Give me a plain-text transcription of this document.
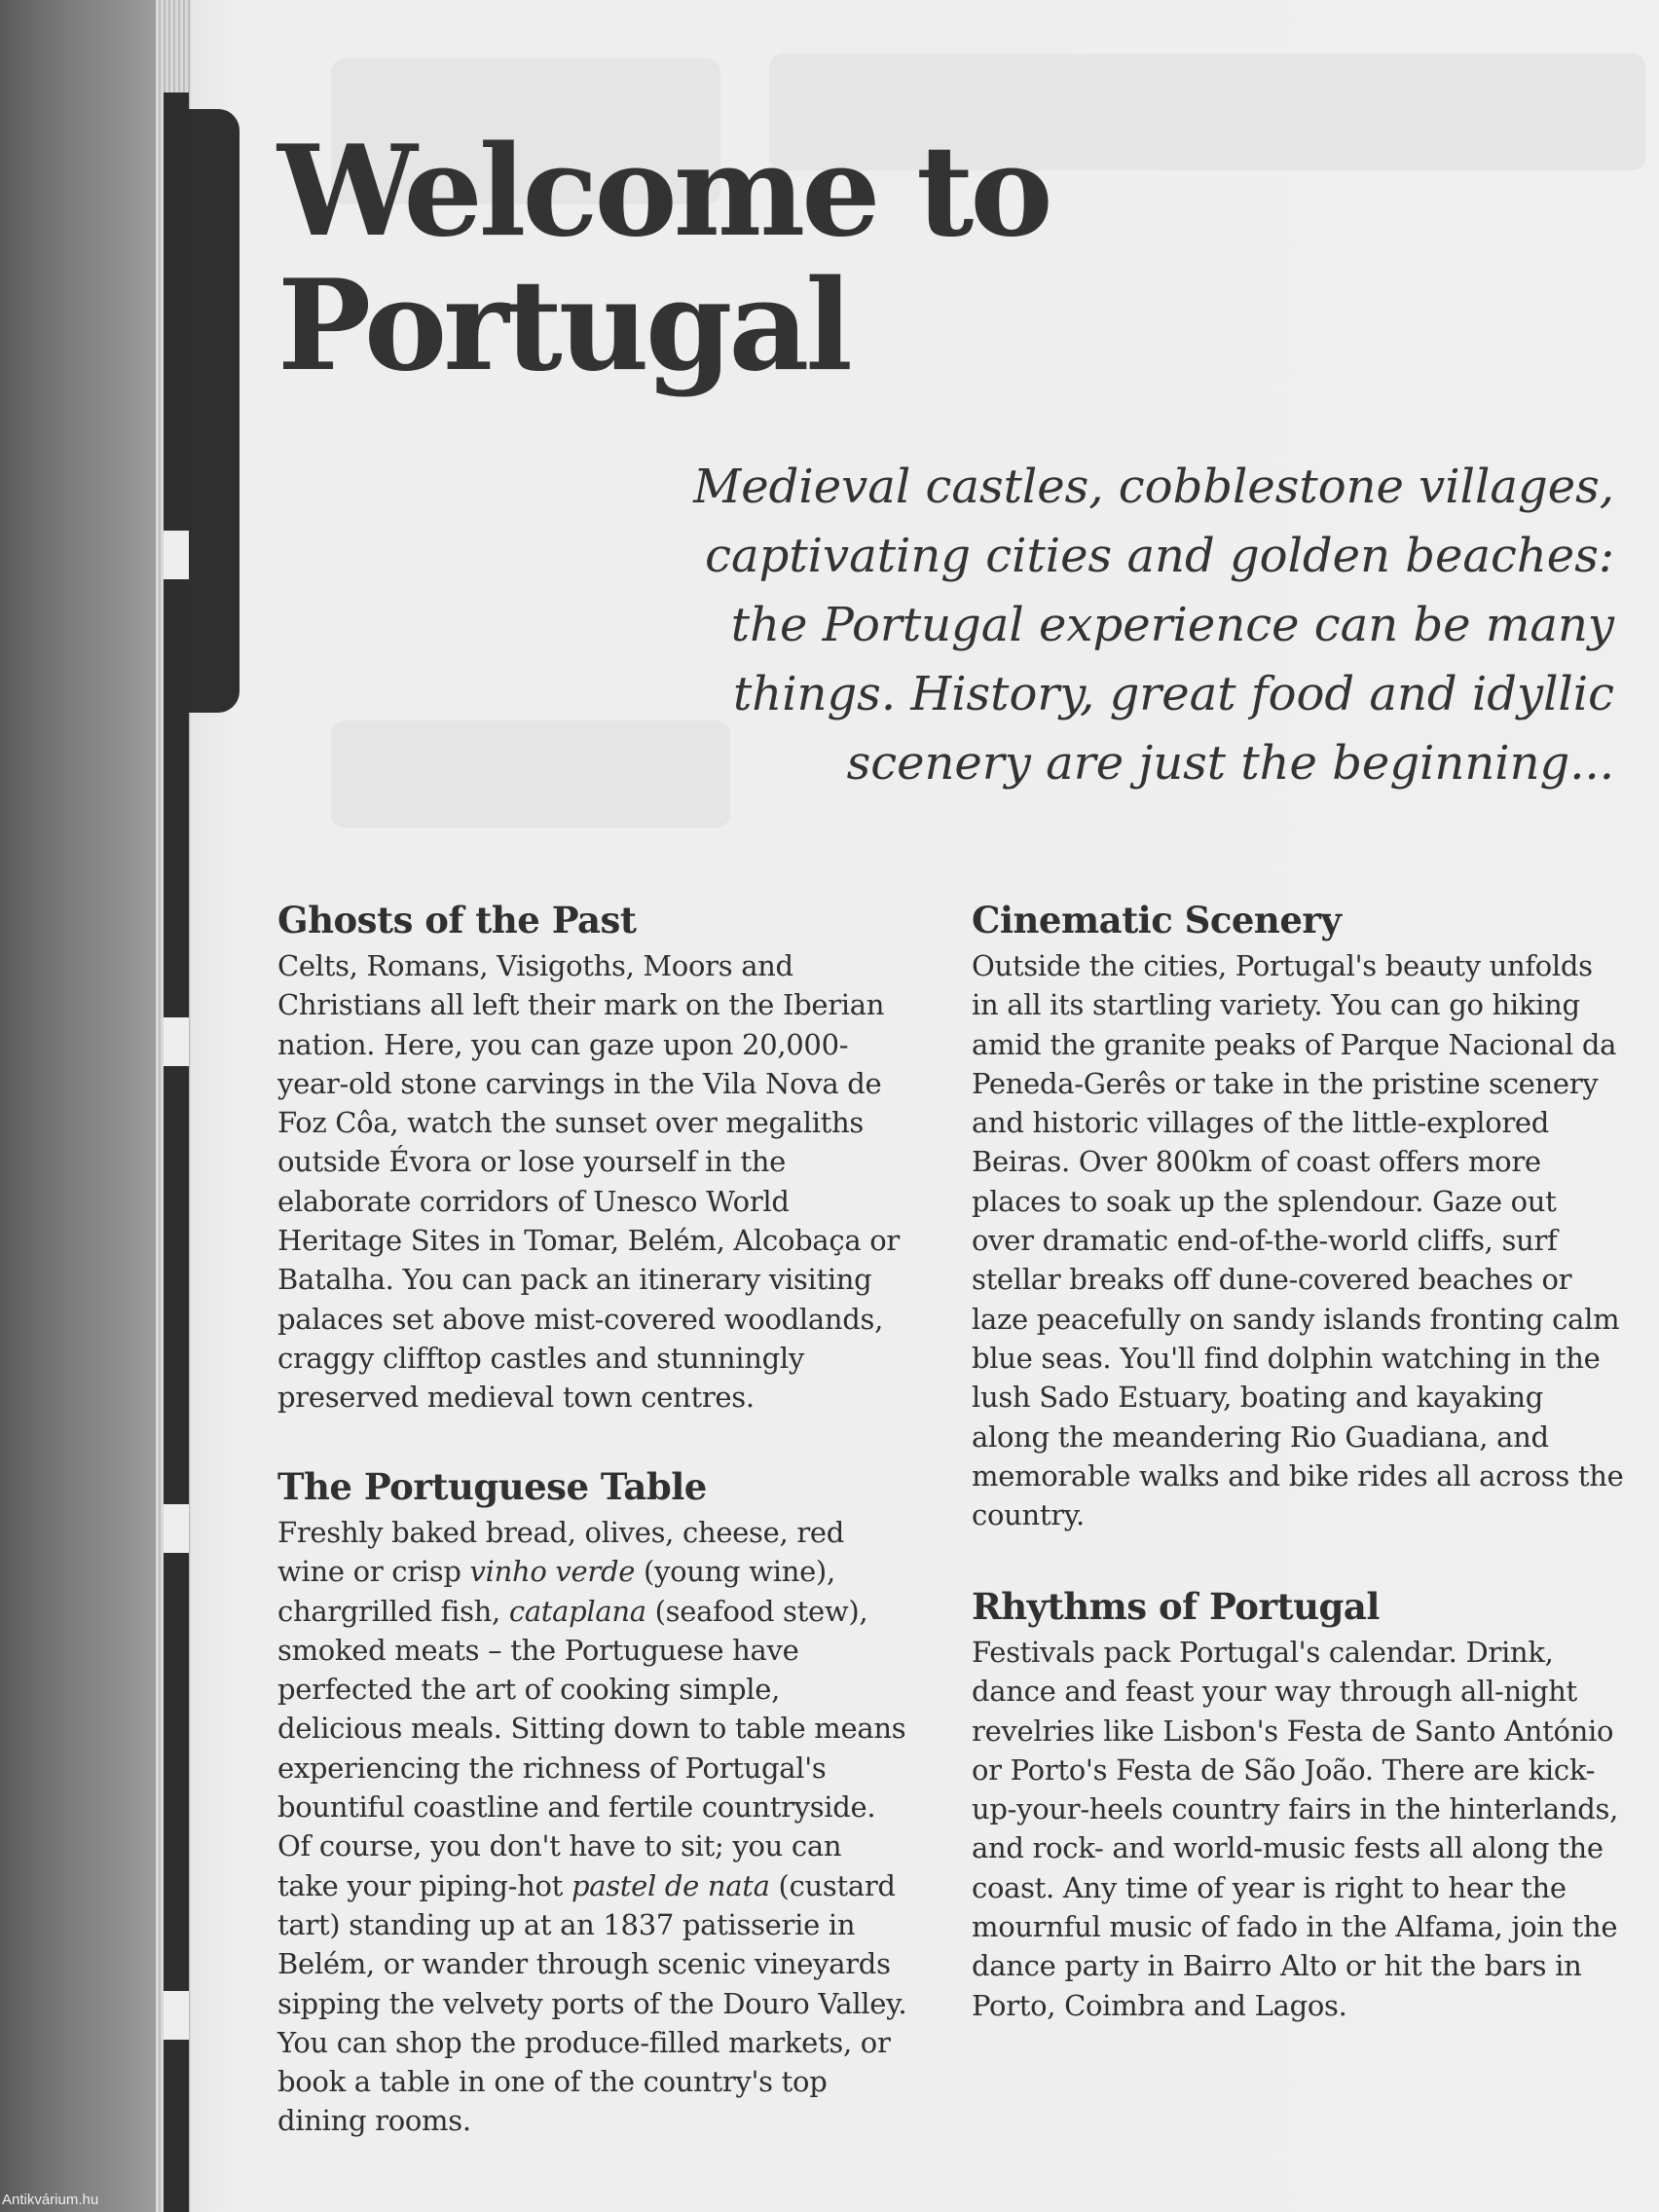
Welcome to
Portugal

Medieval castles, cobblestone villages, captivating cities and golden beaches: the Portugal experience can be many things. History, great food and idyllic scenery are just the beginning...

Ghosts of the Past

Celts, Romans, Visigoths, Moors and Christians all left their mark on the Iberian nation. Here, you can gaze upon 20,000-year-old stone carvings in the Vila Nova de Foz Côa, watch the sunset over megaliths outside Évora or lose yourself in the elaborate corridors of Unesco World Heritage Sites in Tomar, Belém, Alcobaça or Batalha. You can pack an itinerary visiting palaces set above mist-covered woodlands, craggy clifftop castles and stunningly preserved medieval town centres.

The Portuguese Table

Freshly baked bread, olives, cheese, red wine or crisp vinho verde (young wine), chargrilled fish, cataplana (seafood stew), smoked meats – the Portuguese have perfected the art of cooking simple, delicious meals. Sitting down to table means experiencing the richness of Portugal's bountiful coastline and fertile countryside. Of course, you don't have to sit; you can take your piping-hot pastel de nata (custard tart) standing up at an 1837 patisserie in Belém, or wander through scenic vineyards sipping the velvety ports of the Douro Valley. You can shop the produce-filled markets, or book a table in one of the country's top dining rooms.

Cinematic Scenery

Outside the cities, Portugal's beauty unfolds in all its startling variety. You can go hiking amid the granite peaks of Parque Nacional da Peneda-Gerês or take in the pristine scenery and historic villages of the little-explored Beiras. Over 800km of coast offers more places to soak up the splendour. Gaze out over dramatic end-of-the-world cliffs, surf stellar breaks off dune-covered beaches or laze peacefully on sandy islands fronting calm blue seas. You'll find dolphin watching in the lush Sado Estuary, boating and kayaking along the meandering Rio Guadiana, and memorable walks and bike rides all across the country.

Rhythms of Portugal

Festivals pack Portugal's calendar. Drink, dance and feast your way through all-night revelries like Lisbon's Festa de Santo António or Porto's Festa de São João. There are kick-up-your-heels country fairs in the hinterlands, and rock- and world-music fests all along the coast. Any time of year is right to hear the mournful music of fado in the Alfama, join the dance party in Bairro Alto or hit the bars in Porto, Coimbra and Lagos.

Antikvárium.hu
